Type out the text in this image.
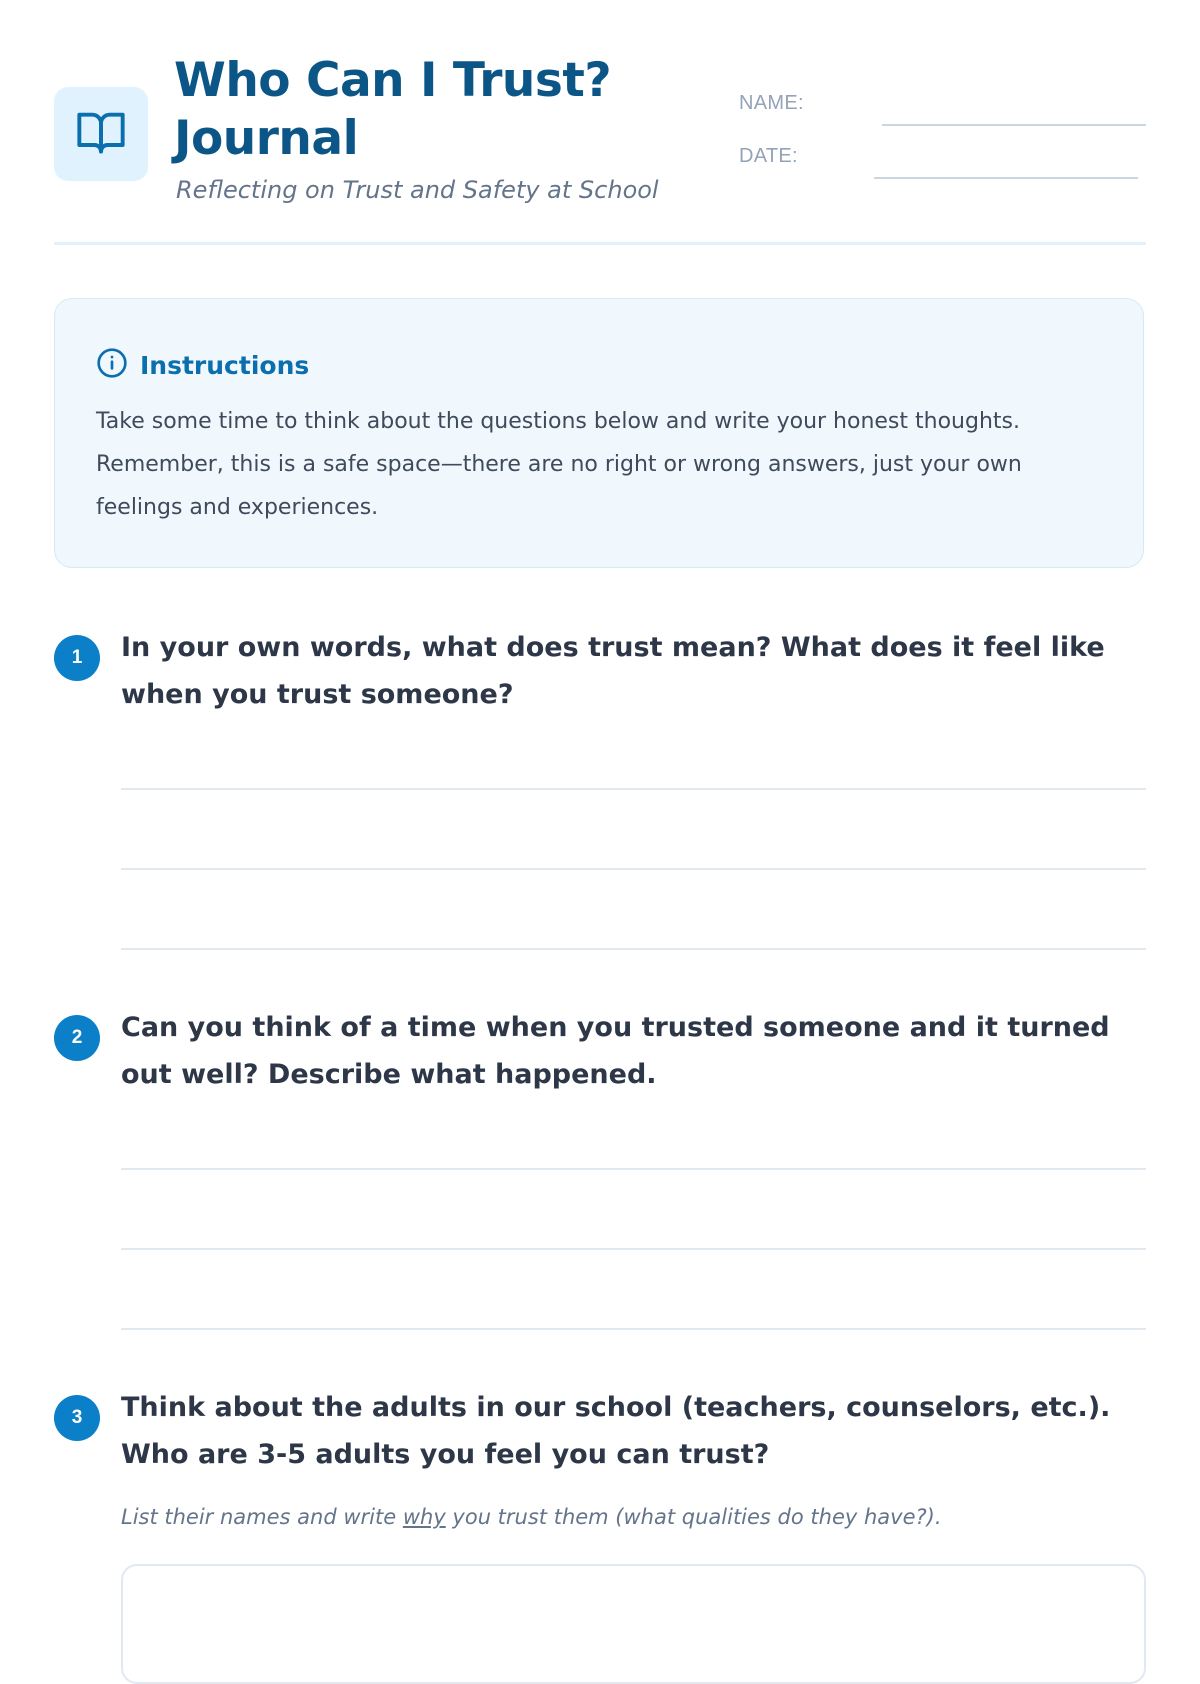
Who Can I Trust? Journal

Reflecting on Trust and Safety at School

NAME:
DATE:
Instructions

Take some time to think about the questions below and write your honest thoughts. Remember, this is a safe space—there are no right or wrong answers, just your own feelings and experiences.

1	In your own words, what does trust mean? What does it feel like when you trust someone?

2	Can you think of a time when you trusted someone and it turned out well? Describe what happened.

3	Think about the adults in our school (teachers, counselors, etc.). Who are 3-5 adults you feel you can trust?

List their names and write why you trust them (what qualities do they have?).
